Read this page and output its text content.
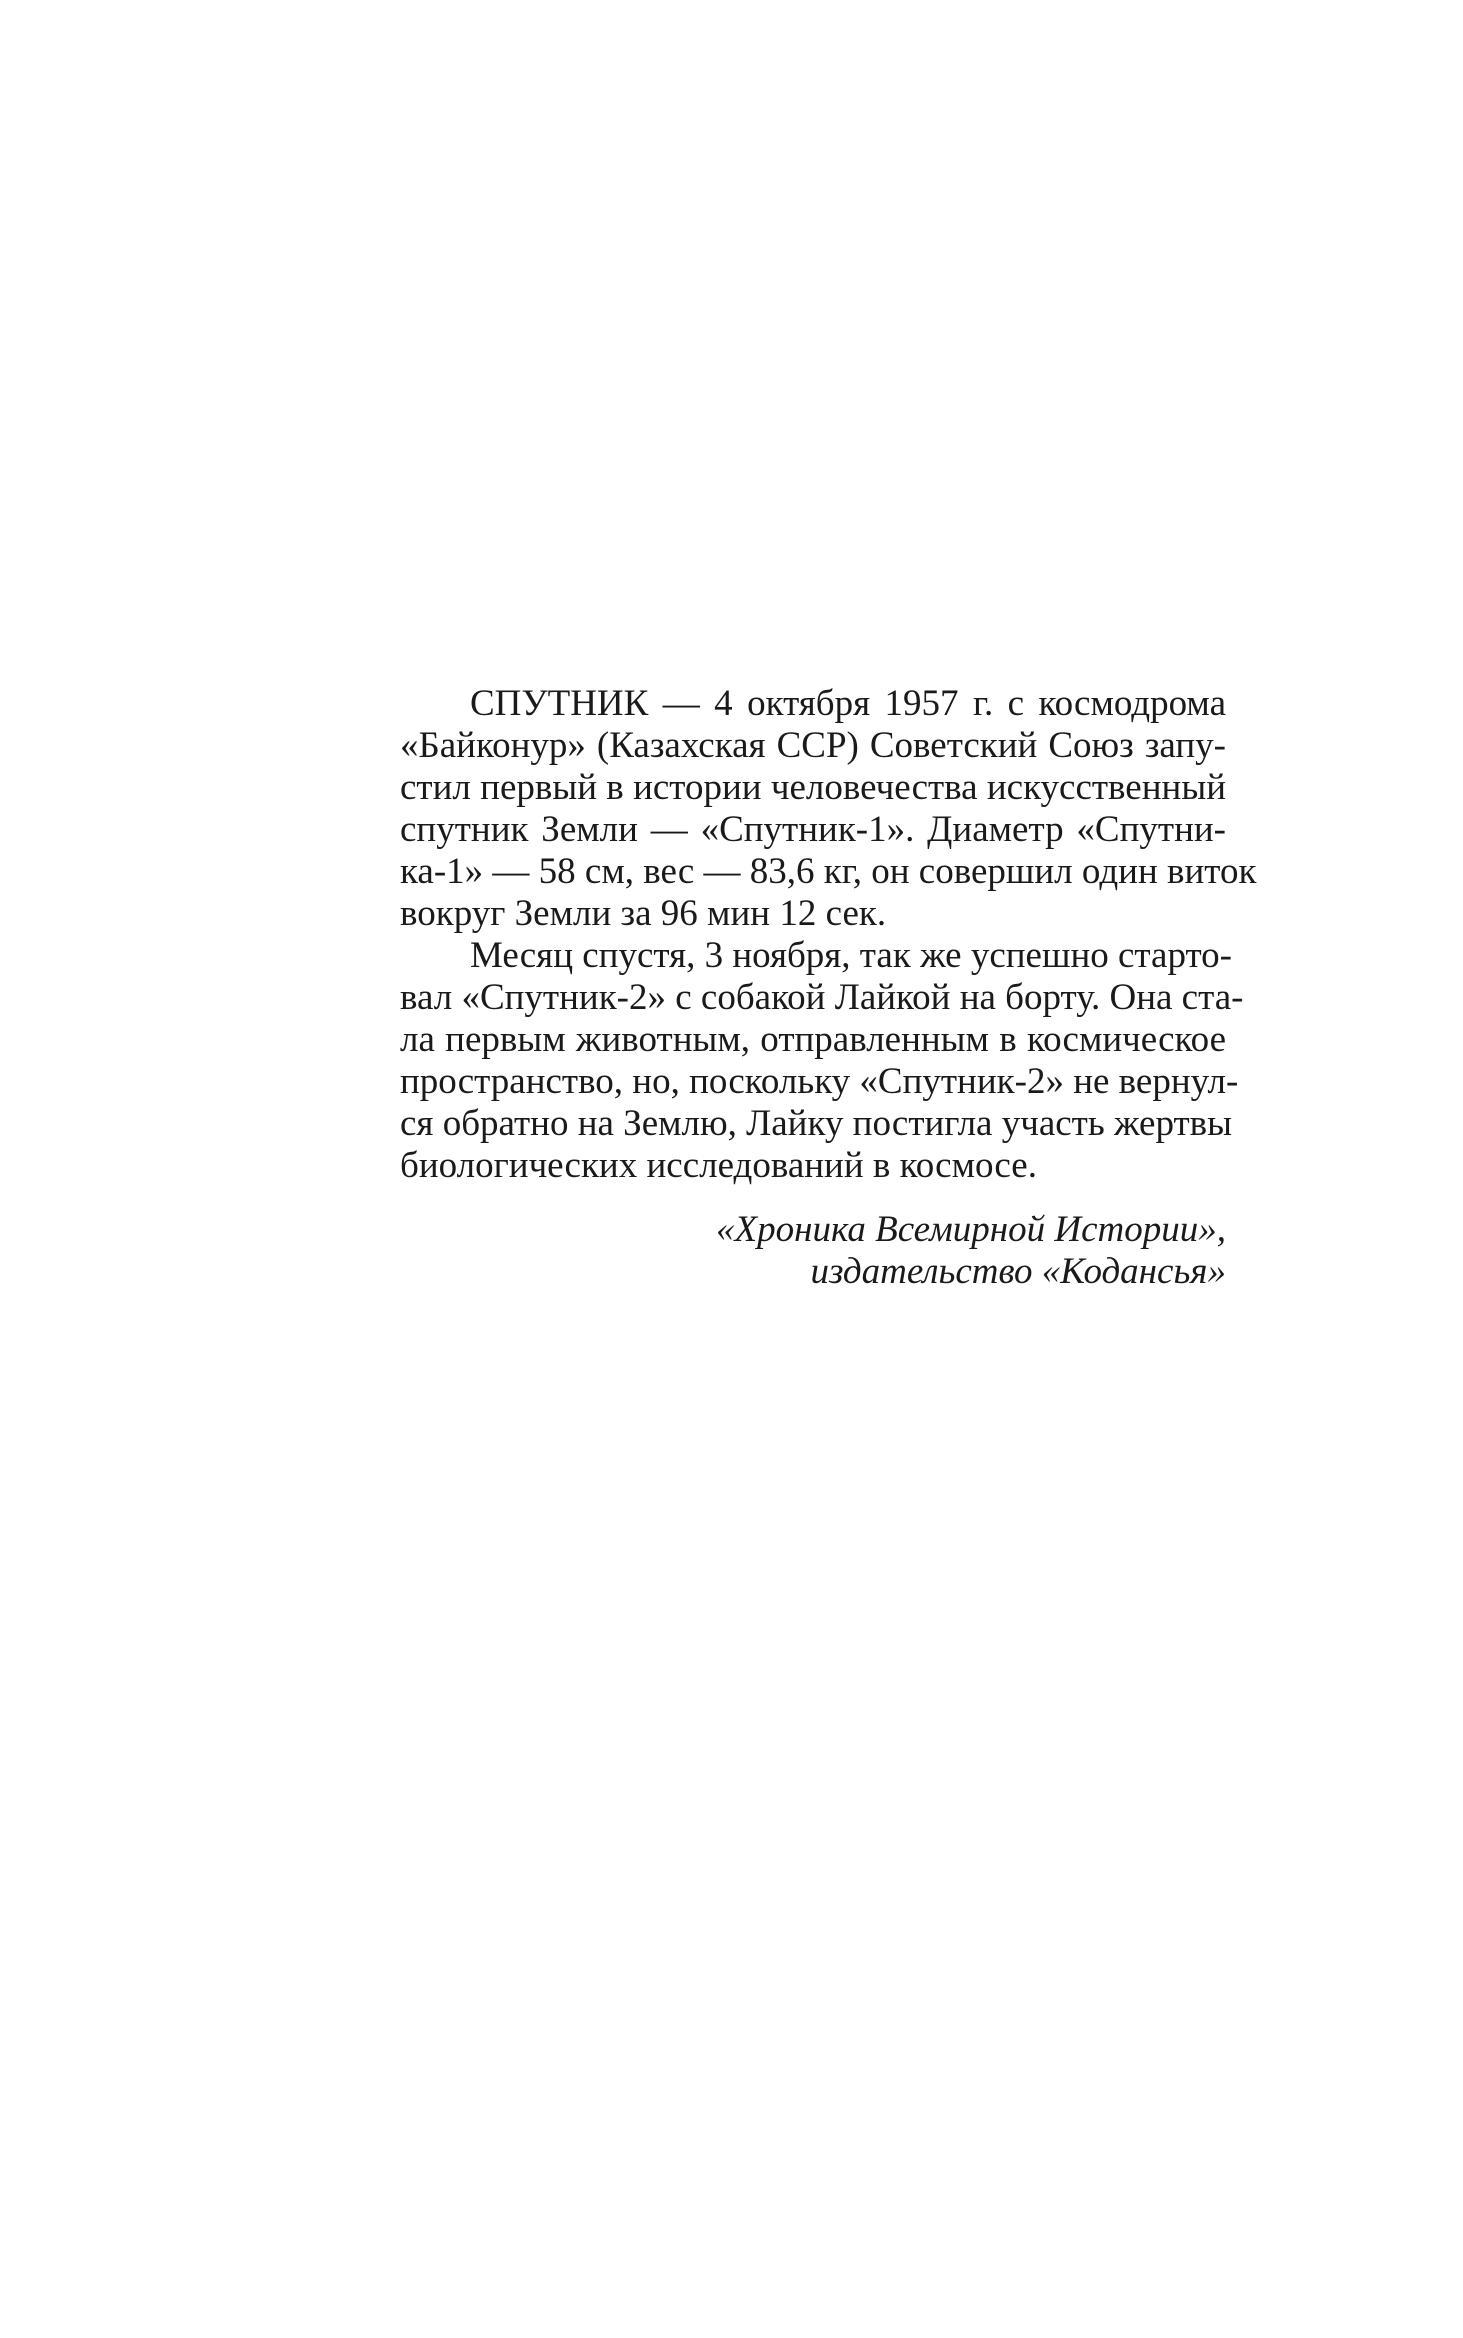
СПУТНИК — 4 октября 1957 г. с космодрома
«Байконур» (Казахская ССР) Советский Союз запу-
стил первый в истории человечества искусственный
спутник Земли — «Спутник-1». Диаметр «Спутни-
ка-1» — 58 см, вес — 83,6 кг, он совершил один виток
вокруг Земли за 96 мин 12 сек.
Месяц спустя, 3 ноября, так же успешно старто-
вал «Спутник-2» с собакой Лайкой на борту. Она ста-
ла первым животным, отправленным в космическое
пространство, но, поскольку «Спутник-2» не вернул-
ся обратно на Землю, Лайку постигла участь жертвы
биологических исследований в космосе.
«Хроника Всемирной Истории»,
издательство «Кодансья»
